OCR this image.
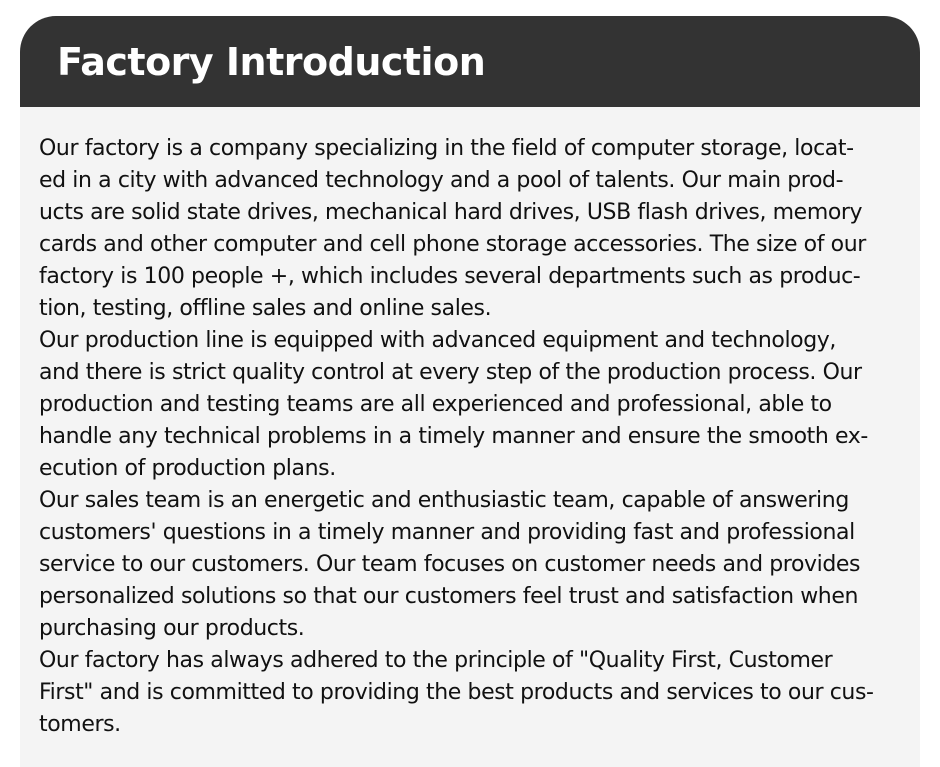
Factory Introduction
Our factory is a company specializing in the field of computer storage, locat-
ed in a city with advanced technology and a pool of talents. Our main prod-
ucts are solid state drives, mechanical hard drives, USB flash drives, memory
cards and other computer and cell phone storage accessories. The size of our
factory is 100 people +, which includes several departments such as produc-
tion, testing, offline sales and online sales.
Our production line is equipped with advanced equipment and technology,
and there is strict quality control at every step of the production process. Our
production and testing teams are all experienced and professional, able to
handle any technical problems in a timely manner and ensure the smooth ex-
ecution of production plans.
Our sales team is an energetic and enthusiastic team, capable of answering
customers' questions in a timely manner and providing fast and professional
service to our customers. Our team focuses on customer needs and provides
personalized solutions so that our customers feel trust and satisfaction when
purchasing our products.
Our factory has always adhered to the principle of "Quality First, Customer
First" and is committed to providing the best products and services to our cus-
tomers.
